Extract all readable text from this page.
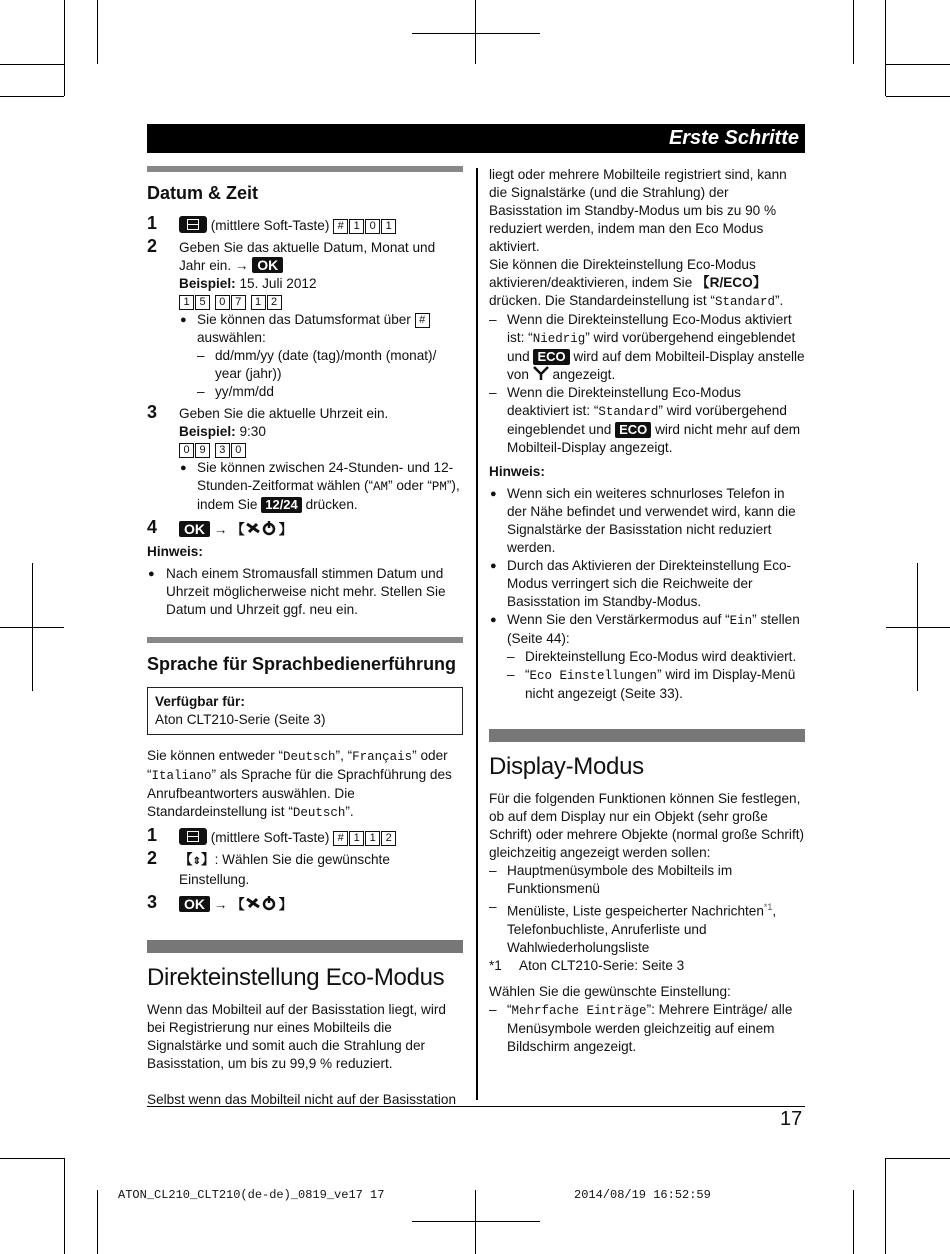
Erste Schritte
Datum & Zeit
1	(mittlere Soft-Taste) # 1 0 1
2 Geben Sie das aktuelle Datum, Monat und Jahr ein. → OK
Beispiel: 15. Juli 2012
1 5 0 7 1 2
● Sie können das Datumsformat über # auswählen:
– dd/mm/yy (date (tag)/month (monat)/ year (jahr))
– yy/mm/dd
3 Geben Sie die aktuelle Uhrzeit ein.
Beispiel: 9:30
0 9 3 0
● Sie können zwischen 24-Stunden- und 12-Stunden-Zeitformat wählen (“AM” oder “PM”), indem Sie 12/24 drücken.
4 OK → 【	】
Hinweis:
● Nach einem Stromausfall stimmen Datum und Uhrzeit möglicherweise nicht mehr. Stellen Sie Datum und Uhrzeit ggf. neu ein.
Sprache für Sprachbedienerführung
Verfügbar für:
Aton CLT210-Serie (Seite 3)
Sie können entweder “Deutsch”, “Français” oder “Italiano” als Sprache für die Sprachführung des Anrufbeantworters auswählen. Die Standardeinstellung ist “Deutsch”.
1	(mittlere Soft-Taste) # 1 1 2
2 【⇕】: Wählen Sie die gewünschte Einstellung.
3 OK → 【	】
Direkteinstellung Eco-Modus
Wenn das Mobilteil auf der Basisstation liegt, wird bei Registrierung nur eines Mobilteils die Signalstärke und somit auch die Strahlung der Basisstation, um bis zu 99,9 % reduziert.
Selbst wenn das Mobilteil nicht auf der Basisstation
liegt oder mehrere Mobilteile registriert sind, kann die Signalstärke (und die Strahlung) der Basisstation im Standby-Modus um bis zu 90 % reduziert werden, indem man den Eco Modus aktiviert.
Sie können die Direkteinstellung Eco-Modus aktivieren/deaktivieren, indem Sie 【R/ECO】 drücken. Die Standardeinstellung ist “Standard”.
– Wenn die Direkteinstellung Eco-Modus aktiviert ist: “Niedrig” wird vorübergehend eingeblendet und ECO wird auf dem Mobilteil-Display anstelle von angezeigt.
– Wenn die Direkteinstellung Eco-Modus deaktiviert ist: “Standard” wird vorübergehend eingeblendet und ECO wird nicht mehr auf dem Mobilteil-Display angezeigt.
Hinweis:
● Wenn sich ein weiteres schnurloses Telefon in der Nähe befindet und verwendet wird, kann die Signalstärke der Basisstation nicht reduziert werden.
● Durch das Aktivieren der Direkteinstellung Eco-Modus verringert sich die Reichweite der Basisstation im Standby-Modus.
● Wenn Sie den Verstärkermodus auf “Ein” stellen (Seite 44):
– Direkteinstellung Eco-Modus wird deaktiviert.
– “Eco Einstellungen” wird im Display-Menü nicht angezeigt (Seite 33).
Display-Modus
Für die folgenden Funktionen können Sie festlegen, ob auf dem Display nur ein Objekt (sehr große Schrift) oder mehrere Objekte (normal große Schrift) gleichzeitig angezeigt werden sollen:
– Hauptmenüsymbole des Mobilteils im Funktionsmenü
– Menüliste, Liste gespeicherter Nachrichten$^{*1}$, Telefonbuchliste, Anruferliste und Wahlwiederholungsliste
*1 Aton CLT210-Serie: Seite 3
Wählen Sie die gewünschte Einstellung:
– “Mehrfache Einträge”: Mehrere Einträge/ alle Menüsymbole werden gleichzeitig auf einem Bildschirm angezeigt.
17
ATON_CL210_CLT210(de-de)_0819_ve17 17	2014/08/19 16:52:59
